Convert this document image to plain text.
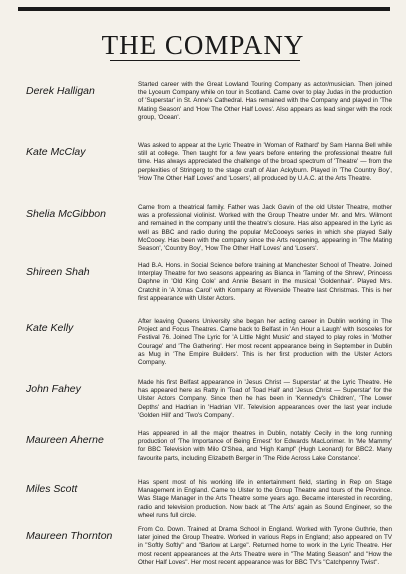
THE COMPANY
Derek Halligan
Started career with the Great Lowland Touring Company as actor/musician. Then joined the Lyceum Company while on tour in Scotland. Came over to play Judas in the production of 'Superstar' in St. Anne's Cathedral. Has remained with the Company and played in 'The Mating Season' and 'How The Other Half Loves'. Also appears as lead singer with the rock group, 'Ocean'.
Kate McClay
Was asked to appear at the Lyric Theatre in 'Woman of Rathard' by Sam Hanna Bell while still at college. Then taught for a few years before entering the professional theatre full time. Has always appreciated the challenge of the broad spectrum of 'Theatre' — from the perplexities of Stringerg to the stage craft of Alan Ackyburn. Played in 'The Country Boy', 'How The Other Half Loves' and 'Losers', all produced by U.A.C. at the Arts Theatre.
Shelia McGibbon
Came from a theatrical family. Father was Jack Gavin of the old Ulster Theatre, mother was a professional violinist. Worked with the Group Theatre under Mr. and Mrs. Wilmont and remained in the company until the theatre's closure. Has also appeared in the Lyric as well as BBC and radio during the popular McCooeys series in which she played Sally McCooey. Has been with the company since the Arts reopening, appearing in 'The Mating Season', 'Country Boy', 'How The Other Half Loves' and 'Losers'.
Shireen Shah
Had B.A. Hons. in Social Science before training at Manchester School of Theatre. Joined Interplay Theatre for two seasons appearing as Bianca in 'Taming of the Shrew', Princess Daphne in 'Old King Cole' and Annie Besant in the musical 'Goldenhair'. Played Mrs. Cratchit in 'A Xmas Carol' with Kompany at Riverside Theatre last Christmas. This is her first appearance with Ulster Actors.
Kate Kelly
After leaving Queens University she began her acting career in Dublin working in The Project and Focus Theatres. Came back to Belfast in 'An Hour a Laugh' with Isosceles for Festival 76. Joined The Lyric for 'A Little Night Music' and stayed to play roles in 'Mother Courage' and 'The Gathering'. Her most recent appearance being in September in Dublin as Mug in 'The Empire Builders'. This is her first production with the Ulster Actors Company.
John Fahey
Made his first Belfast appearance in 'Jesus Christ — Superstar' at the Lyric Theatre. He has appeared here as Ratty in 'Toad of Toad Hall' and 'Jesus Christ — Superstar' for the Ulster Actors Company. Since then he has been in 'Kennedy's Children', 'The Lower Depths' and Hadrian in 'Hadrian VII'. Television appearances over the last year include 'Golden Hill' and 'Two's Company'.
Maureen Aherne
Has appeared in all the major theatres in Dublin, notably Cecily in the long running production of 'The Importance of Being Ernest' for Edwards MacLorimer. In 'Me Mammy' for BBC Television with Milo O'Shea, and 'High Kampf' (Hugh Leonard) for BBC2. Many favourite parts, including Elizabeth Berger in 'The Ride Across Lake Constance'.
Miles Scott
Has spent most of his working life in entertainment field, starting in Rep on Stage Management in England. Came to Ulster to the Group Theatre and tours of the Province. Was Stage Manager in the Arts Theatre some years ago. Became interested in recording, radio and television production. Now back at 'The Arts' again as Sound Engineer, so the wheel runs full circle.
Maureen Thornton
From Co. Down. Trained at Drama School in England. Worked with Tyrone Guthrie, then later joined the Group Theatre. Worked in various Reps in England; also appeared on TV in "Softly Softly" and "Barlow at Large". Returned home to work in the Lyric Theatre. Her most recent appearances at the Arts Theatre were in "The Mating Season" and "How the Other Half Loves". Her most recent appearance was for BBC TV's "Catchpenny Twist".
